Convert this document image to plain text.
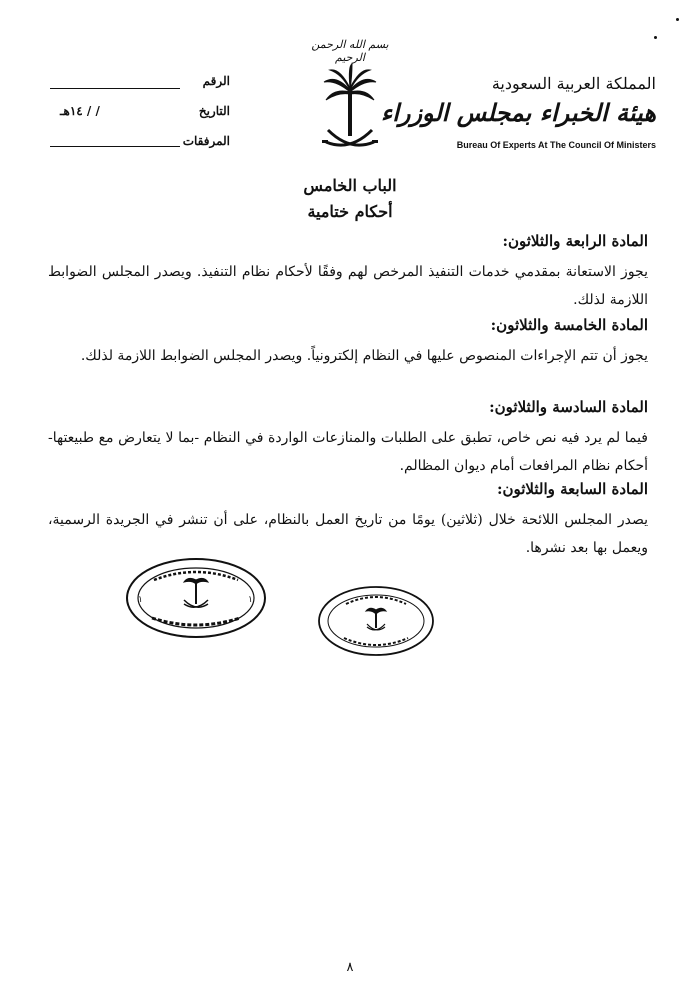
الرقم
التاريخ
/ / ١٤هـ
المرفقات
بسم الله الرحمن الرحيم
المملكة العربية السعودية
هيئة الخبراء بمجلس الوزراء
Bureau Of Experts At The Council Of Ministers
الباب الخامس
أحكام ختامية
المادة الرابعة والثلاثون:
يجوز الاستعانة بمقدمي خدمات التنفيذ المرخص لهم وفقًا لأحكام نظام التنفيذ. ويصدر المجلس الضوابط اللازمة لذلك.
المادة الخامسة والثلاثون:
يجوز أن تتم الإجراءات المنصوص عليها في النظام إلكترونياً. ويصدر المجلس الضوابط اللازمة لذلك.
المادة السادسة والثلاثون:
فيما لم يرد فيه نص خاص، تطبق على الطلبات والمنازعات الواردة في النظام -بما لا يتعارض مع طبيعتها- أحكام نظام المرافعات أمام ديوان المظالم.
المادة السابعة والثلاثون:
يصدر المجلس اللائحة خلال (ثلاثين) يومًا من تاريخ العمل بالنظام، على أن تنشر في الجريدة الرسمية، ويعمل بها بعد نشرها.
١	١
٨
